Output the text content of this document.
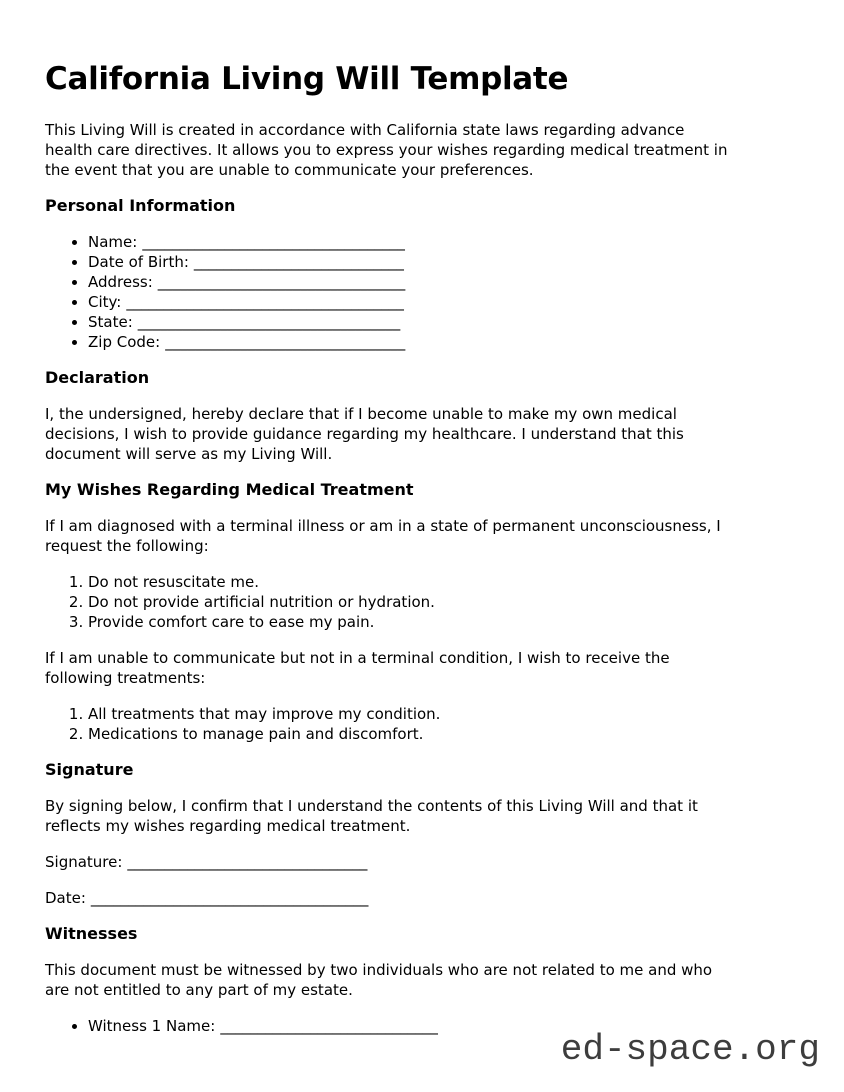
California Living Will Template
This Living Will is created in accordance with California state laws regarding advance
health care directives. It allows you to express your wishes regarding medical treatment in
the event that you are unable to communicate your preferences.
Personal Information
• Name: ___________________________________
• Date of Birth: ____________________________
• Address: _________________________________
• City: _____________________________________
• State: ___________________________________
• Zip Code: ________________________________
Declaration
I, the undersigned, hereby declare that if I become unable to make my own medical
decisions, I wish to provide guidance regarding my healthcare. I understand that this
document will serve as my Living Will.
My Wishes Regarding Medical Treatment
If I am diagnosed with a terminal illness or am in a state of permanent unconsciousness, I
request the following:
1. Do not resuscitate me.
2. Do not provide artificial nutrition or hydration.
3. Provide comfort care to ease my pain.
If I am unable to communicate but not in a terminal condition, I wish to receive the
following treatments:
1. All treatments that may improve my condition.
2. Medications to manage pain and discomfort.
Signature
By signing below, I confirm that I understand the contents of this Living Will and that it
reflects my wishes regarding medical treatment.
Signature: ________________________________
Date: _____________________________________
Witnesses
This document must be witnessed by two individuals who are not related to me and who
are not entitled to any part of my estate.
• Witness 1 Name: _____________________________
ed-space.org
